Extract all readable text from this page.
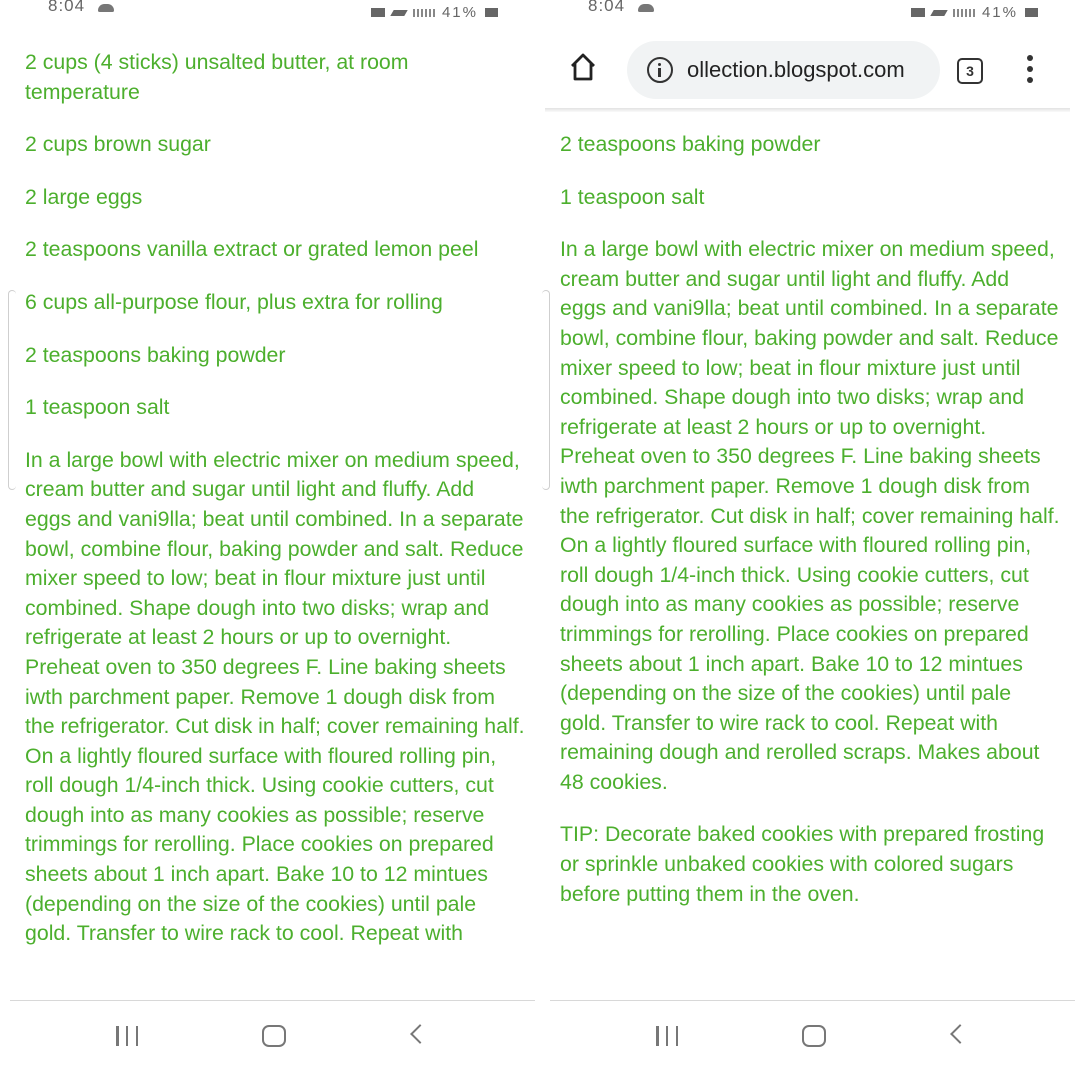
8:04	41%

2 cups (4 sticks) unsalted butter, at room temperature

2 cups brown sugar

2 large eggs

2 teaspoons vanilla extract or grated lemon peel

6 cups all-purpose flour, plus extra for rolling

2 teaspoons baking powder

1 teaspoon salt

In a large bowl with electric mixer on medium speed, cream butter and sugar until light and fluffy. Add eggs and vani9lla; beat until combined. In a separate bowl, combine flour, baking powder and salt. Reduce mixer speed to low; beat in flour mixture just until combined. Shape dough into two disks; wrap and refrigerate at least 2 hours or up to overnight. Preheat oven to 350 degrees F. Line baking sheets iwth parchment paper. Remove 1 dough disk from the refrigerator. Cut disk in half; cover remaining half. On a lightly floured surface with floured rolling pin, roll dough 1/4-inch thick. Using cookie cutters, cut dough into as many cookies as possible; reserve trimmings for rerolling. Place cookies on prepared sheets about 1 inch apart. Bake 10 to 12 mintues (depending on the size of the cookies) until pale gold. Transfer to wire rack to cool. Repeat with

8:04	41%
ollection.blogspot.com	3

2 teaspoons baking powder

1 teaspoon salt

In a large bowl with electric mixer on medium speed, cream butter and sugar until light and fluffy. Add eggs and vani9lla; beat until combined. In a separate bowl, combine flour, baking powder and salt. Reduce mixer speed to low; beat in flour mixture just until combined. Shape dough into two disks; wrap and refrigerate at least 2 hours or up to overnight. Preheat oven to 350 degrees F. Line baking sheets iwth parchment paper. Remove 1 dough disk from the refrigerator. Cut disk in half; cover remaining half. On a lightly floured surface with floured rolling pin, roll dough 1/4-inch thick. Using cookie cutters, cut dough into as many cookies as possible; reserve trimmings for rerolling. Place cookies on prepared sheets about 1 inch apart. Bake 10 to 12 mintues (depending on the size of the cookies) until pale gold. Transfer to wire rack to cool. Repeat with remaining dough and rerolled scraps. Makes about 48 cookies.

TIP: Decorate baked cookies with prepared frosting or sprinkle unbaked cookies with colored sugars before putting them in the oven.
